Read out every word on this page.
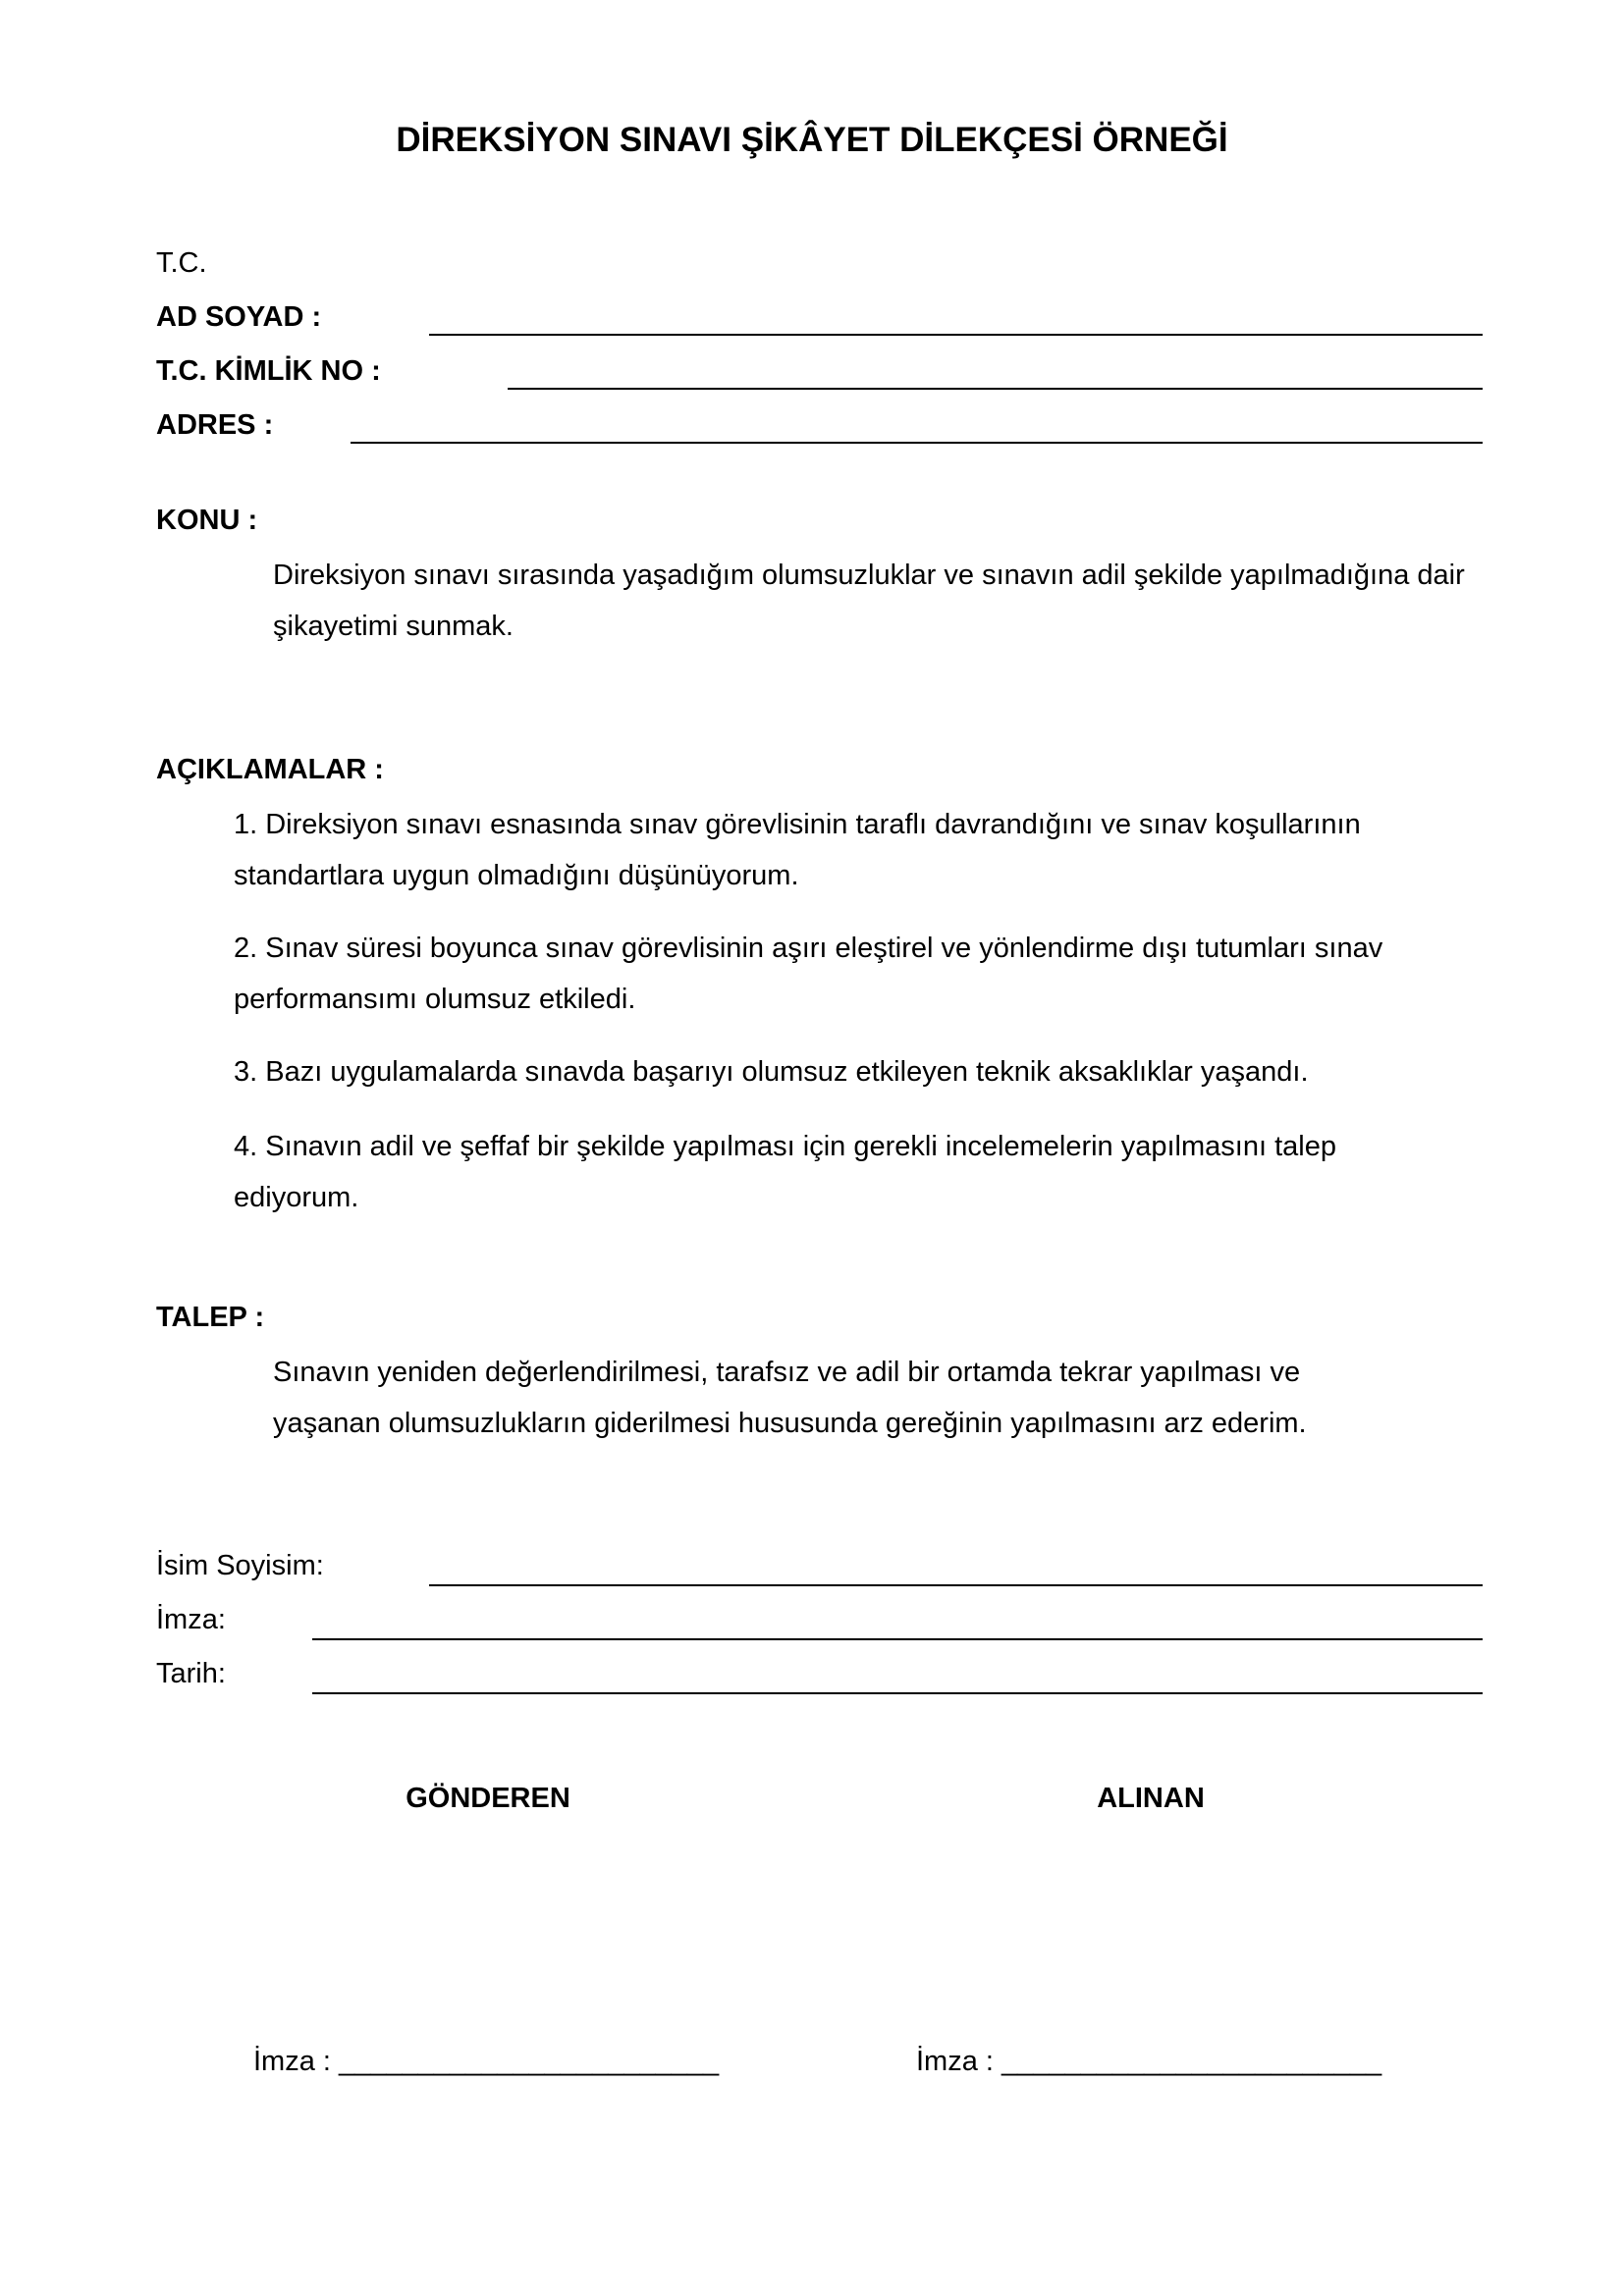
DİREKSİYON SINAVI ŞİKÂYET DİLEKÇESİ ÖRNEĞİ
T.C.
AD SOYAD :
T.C. KİMLİK NO :
ADRES :
KONU :
Direksiyon sınavı sırasında yaşadığım olumsuzluklar ve sınavın adil şekilde yapılmadığına dair şikayetimi sunmak.
AÇIKLAMALAR :
1. Direksiyon sınavı esnasında sınav görevlisinin taraflı davrandığını ve sınav koşullarının standartlara uygun olmadığını düşünüyorum.
2. Sınav süresi boyunca sınav görevlisinin aşırı eleştirel ve yönlendirme dışı tutumları sınav performansımı olumsuz etkiledi.
3. Bazı uygulamalarda sınavda başarıyı olumsuz etkileyen teknik aksaklıklar yaşandı.
4. Sınavın adil ve şeffaf bir şekilde yapılması için gerekli incelemelerin yapılmasını talep ediyorum.
TALEP :
Sınavın yeniden değerlendirilmesi, tarafsız ve adil bir ortamda tekrar yapılması ve yaşanan olumsuzlukların giderilmesi hususunda gereğinin yapılmasını arz ederim.
İsim Soyisim:
İmza:
Tarih:
GÖNDEREN	ALINAN
İmza : ________________________	İmza : ________________________
